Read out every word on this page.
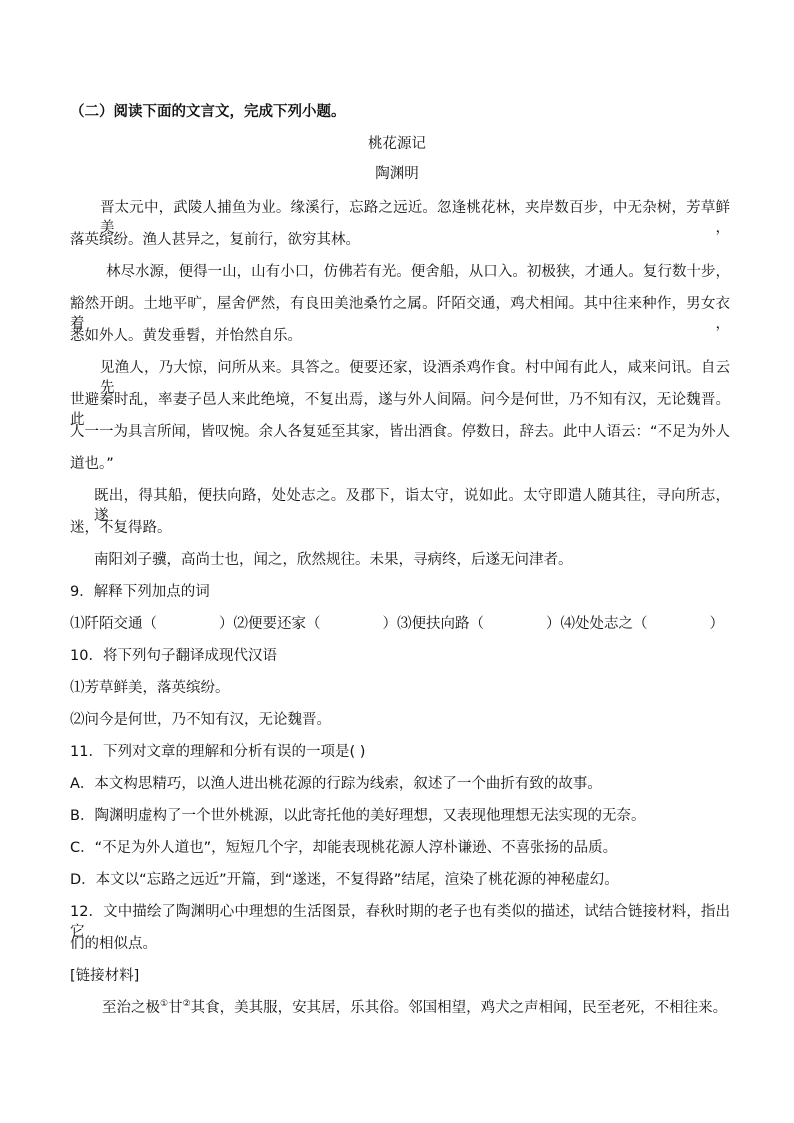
（二）阅读下面的文言文，完成下列小题。
桃花源记
陶渊明
晋太元中，武陵人捕鱼为业。缘溪行，忘路之远近。忽逢桃花林，夹岸数百步，中无杂树，芳草鲜美，
落英缤纷。渔人甚异之，复前行，欲穷其林。
林尽水源，便得一山，山有小口，仿佛若有光。便舍船，从口入。初极狭，才通人。复行数十步，
豁然开朗。土地平旷，屋舍俨然，有良田美池桑竹之属。阡陌交通，鸡犬相闻。其中往来种作，男女衣着，
悉如外人。黄发垂髫，并怡然自乐。
见渔人，乃大惊，问所从来。具答之。便要还家，设酒杀鸡作食。村中闻有此人，咸来问讯。自云先
世避秦时乱，率妻子邑人来此绝境，不复出焉，遂与外人间隔。问今是何世，乃不知有汉，无论魏晋。此
人一一为具言所闻，皆叹惋。余人各复延至其家，皆出酒食。停数日，辞去。此中人语云：“不足为外人
道也。”
既出，得其船，便扶向路，处处志之。及郡下，诣太守，说如此。太守即遣人随其往，寻向所志，遂
迷，不复得路。
南阳刘子骥，高尚士也，闻之，欣然规往。未果，寻病终，后遂无问津者。
9．解释下列加点的词
⑴阡陌交通（	）⑵便要还家（	）⑶便扶向路（	）⑷处处志之（	）
10．将下列句子翻译成现代汉语
⑴芳草鲜美，落英缤纷。
⑵问今是何世，乃不知有汉，无论魏晋。
11．下列对文章的理解和分析有误的一项是( )
A．本文构思精巧，以渔人进出桃花源的行踪为线索，叙述了一个曲折有致的故事。
B．陶渊明虚构了一个世外桃源，以此寄托他的美好理想，又表现他理想无法实现的无奈。
C．“不足为外人道也”，短短几个字，却能表现桃花源人淳朴谦逊、不喜张扬的品质。
D．本文以“忘路之远近”开篇，到“遂迷，不复得路”结尾，渲染了桃花源的神秘虚幻。
12．文中描绘了陶渊明心中理想的生活图景，春秋时期的老子也有类似的描述，试结合链接材料，指出它
们的相似点。
[链接材料]
至治之极①甘②其食，美其服，安其居，乐其俗。邻国相望，鸡犬之声相闻，民至老死，不相往来。
